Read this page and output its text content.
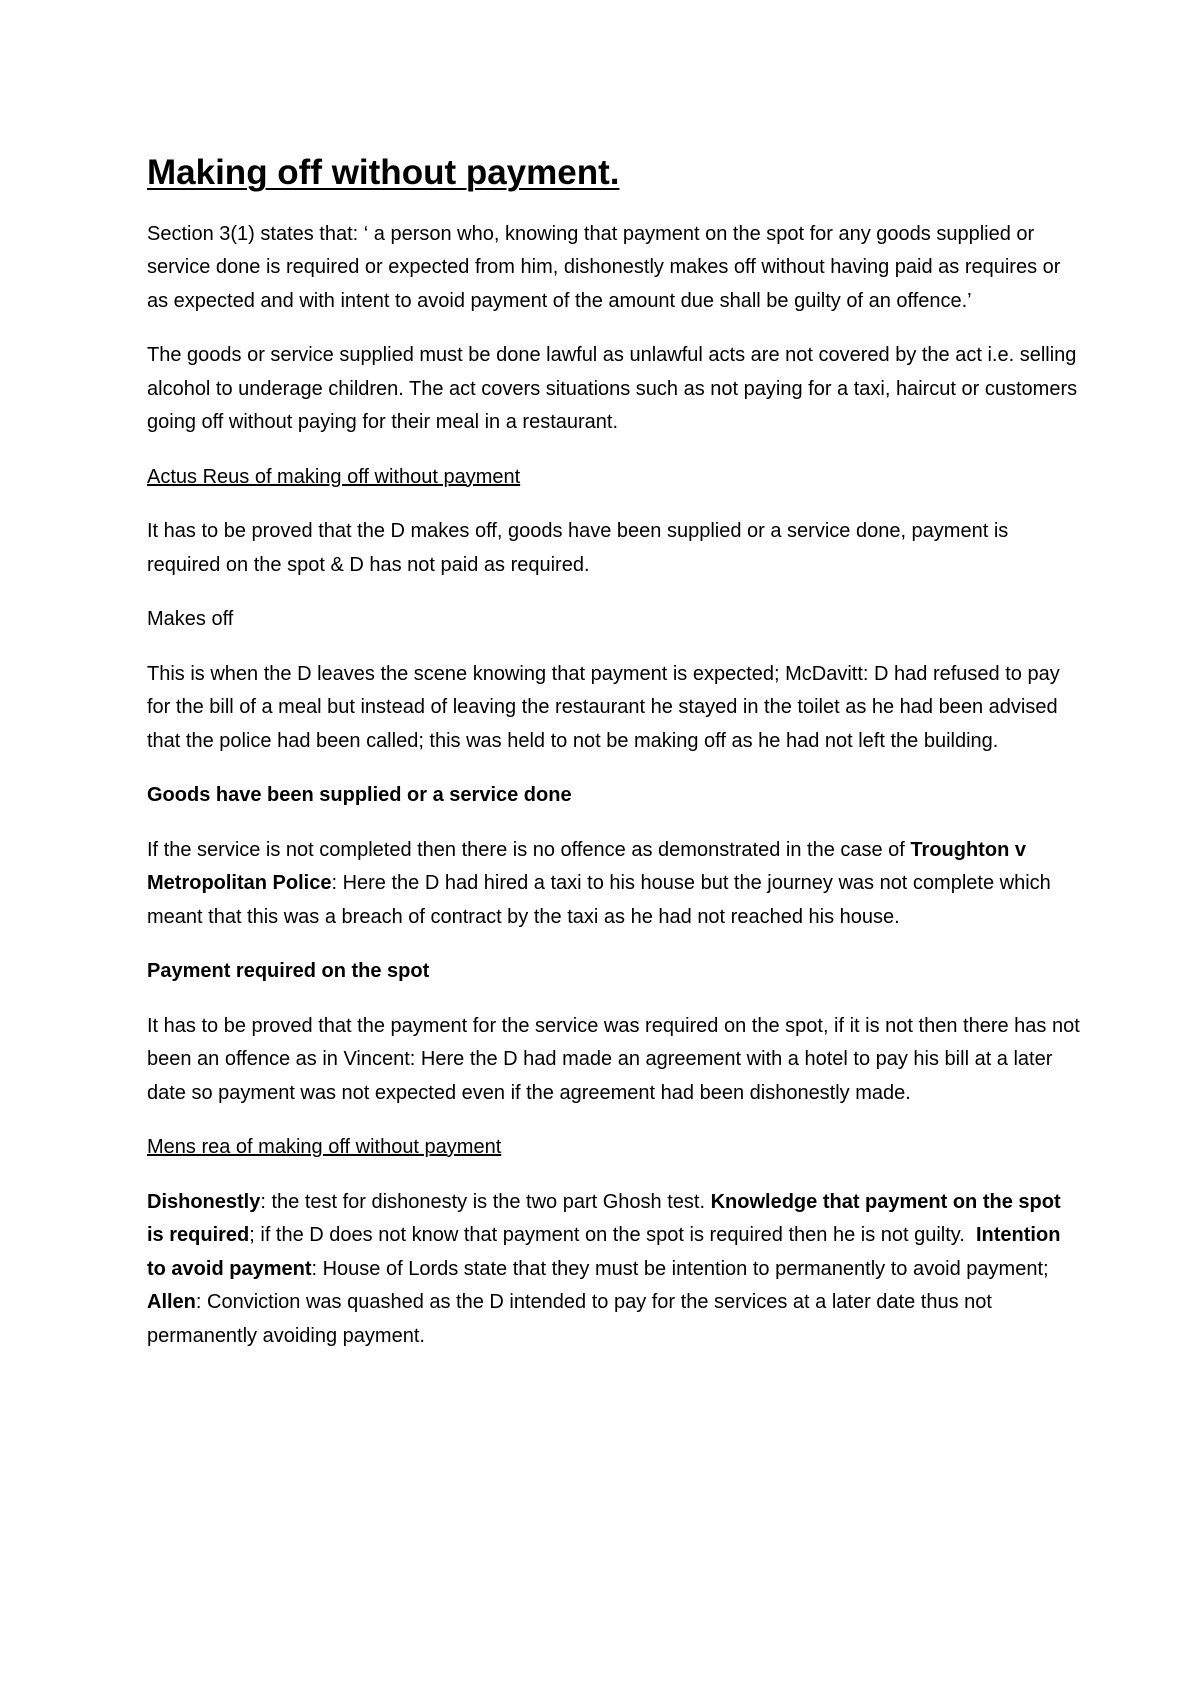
Making off without payment.

Section 3(1) states that: ‘ a person who, knowing that payment on the spot for any goods supplied or service done is required or expected from him, dishonestly makes off without having paid as requires or as expected and with intent to avoid payment of the amount due shall be guilty of an offence.’

The goods or service supplied must be done lawful as unlawful acts are not covered by the act i.e. selling alcohol to underage children. The act covers situations such as not paying for a taxi, haircut or customers going off without paying for their meal in a restaurant.

Actus Reus of making off without payment

It has to be proved that the D makes off, goods have been supplied or a service done, payment is required on the spot & D has not paid as required.

Makes off

This is when the D leaves the scene knowing that payment is expected; McDavitt: D had refused to pay for the bill of a meal but instead of leaving the restaurant he stayed in the toilet as he had been advised that the police had been called; this was held to not be making off as he had not left the building.

Goods have been supplied or a service done

If the service is not completed then there is no offence as demonstrated in the case of Troughton v Metropolitan Police: Here the D had hired a taxi to his house but the journey was not complete which meant that this was a breach of contract by the taxi as he had not reached his house.

Payment required on the spot

It has to be proved that the payment for the service was required on the spot, if it is not then there has not been an offence as in Vincent: Here the D had made an agreement with a hotel to pay his bill at a later date so payment was not expected even if the agreement had been dishonestly made.

Mens rea of making off without payment

Dishonestly: the test for dishonesty is the two part Ghosh test. Knowledge that payment on the spot is required; if the D does not know that payment on the spot is required then he is not guilty. Intention to avoid payment: House of Lords state that they must be intention to permanently to avoid payment; Allen: Conviction was quashed as the D intended to pay for the services at a later date thus not permanently avoiding payment.
